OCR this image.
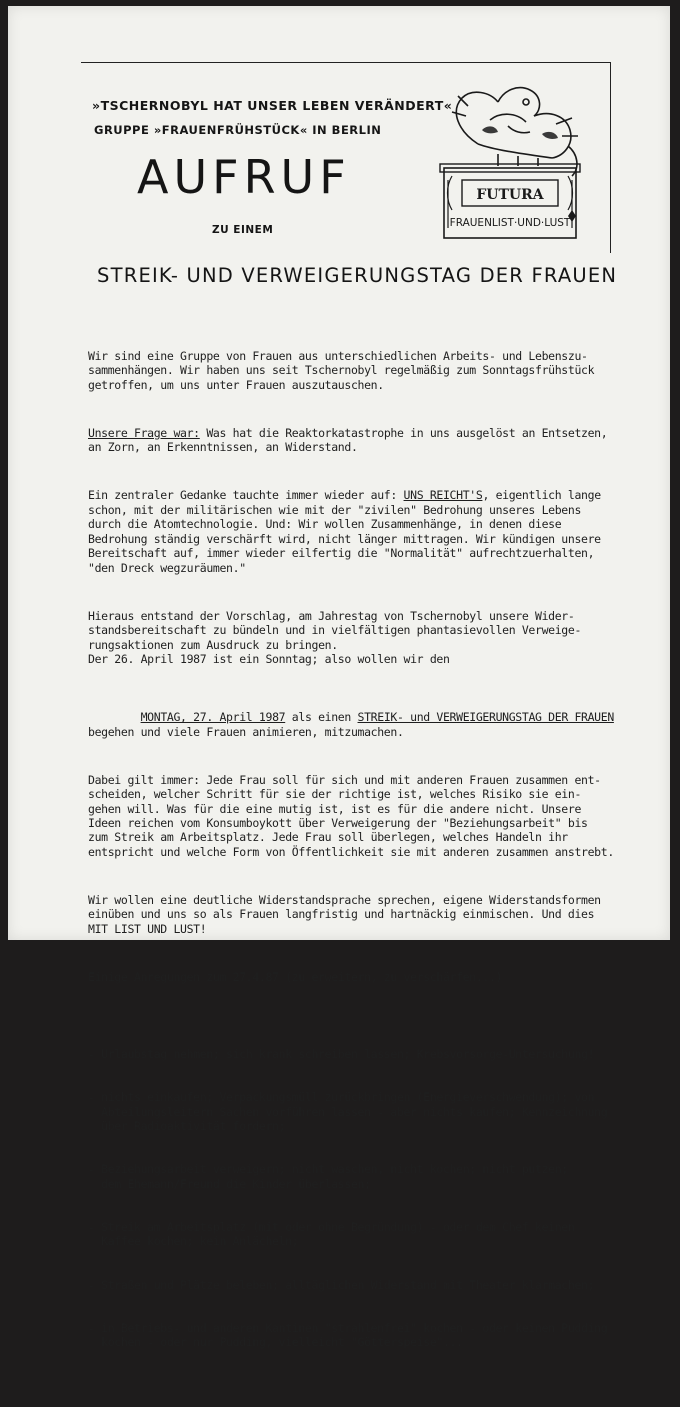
»TSCHERNOBYL HAT UNSER LEBEN VERÄNDERT«
GRUPPE »FRAUENFRÜHSTÜCK« IN BERLIN
AUFRUF
ZU EINEM
STREIK- UND VERWEIGERUNGSTAG DER FRAUEN
FUTURA
FRAUENLIST·UND·LUST

Wir sind eine Gruppe von Frauen aus unterschiedlichen Arbeits- und Lebenszu-
sammenhängen. Wir haben uns seit Tschernobyl regelmäßig zum Sonntagsfrühstück
getroffen, um uns unter Frauen auszutauschen.

Unsere Frage war: Was hat die Reaktorkatastrophe in uns ausgelöst an Entsetzen,
an Zorn, an Erkenntnissen, an Widerstand.

Ein zentraler Gedanke tauchte immer wieder auf: UNS REICHT'S, eigentlich lange
schon, mit der militärischen wie mit der "zivilen" Bedrohung unseres Lebens
durch die Atomtechnologie. Und: Wir wollen Zusammenhänge, in denen diese
Bedrohung ständig verschärft wird, nicht länger mittragen. Wir kündigen unsere
Bereitschaft auf, immer wieder eilfertig die "Normalität" aufrechtzuerhalten,
"den Dreck wegzuräumen."

Hieraus entstand der Vorschlag, am Jahrestag von Tschernobyl unsere Wider-
standsbereitschaft zu bündeln und in vielfältigen phantasievollen Verweige-
rungsaktionen zum Ausdruck zu bringen.
Der 26. April 1987 ist ein Sonntag; also wollen wir den

MONTAG, 27. April 1987 als einen STREIK- und VERWEIGERUNGSTAG DER FRAUEN
begehen und viele Frauen animieren, mitzumachen.

Dabei gilt immer: Jede Frau soll für sich und mit anderen Frauen zusammen ent-
scheiden, welcher Schritt für sie der richtige ist, welches Risiko sie ein-
gehen will. Was für die eine mutig ist, ist es für die andere nicht. Unsere
Ideen reichen vom Konsumboykott über Verweigerung der "Beziehungsarbeit" bis
zum Streik am Arbeitsplatz. Jede Frau soll überlegen, welches Handeln ihr
entspricht und welche Form von Öffentlichkeit sie mit anderen zusammen anstrebt.

Wir wollen eine deutliche Widerstandsprache sprechen, eigene Widerstandsformen
einüben und uns so als Frauen langfristig und hartnäckig einmischen. Und dies
MIT LIST UND LUST!

Einige Anregungen zum 27.4.87 (zu erweitern, zu verschärfen...)

- Urlaubstag nehmen; sich krank schreiben lassen; Krebsvorsorge-Untersuchung!

- nichts einkaufen; Verpackungsmüll zurückbringen (Energieverschwendung); von
Abteilungsleitern Sachen vorführen lassen - aber nichts kaufen; Kennzeichnung
über Radioaktivität fordern;

- Beziehungsarbeit verweigern; nicht waschen, nicht kochen; nicht putzen;
dem Ehemann/Freund die Kinder überlassen;

- Streik am Arbeitsplatz (mit oder ohne Begründung) - oder dem Chef keinen
Kaffee kochen; kein Anlächeln;

- Straßen und Plätze beleben; alltäglichen Widerstand mit Theater klarmachen;

- in Betriebs- und anderen Kantinen "strahlenfrei" kochen - oder keinen Pudding
kochen - oder nur Pudding, vielleicht "Götterspeise"...
